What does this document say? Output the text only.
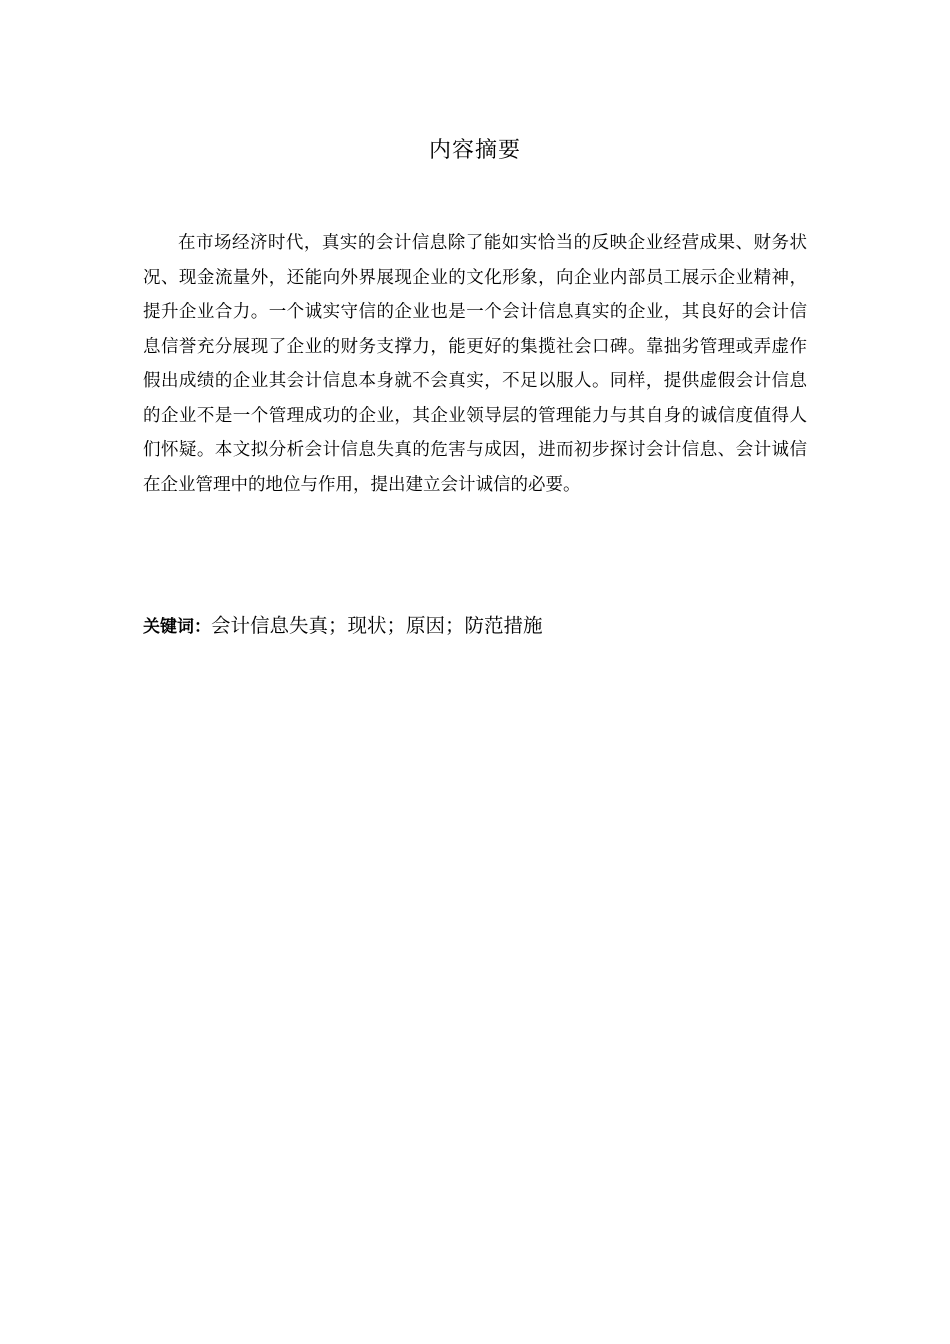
内容摘要

在市场经济时代，真实的会计信息除了能如实恰当的反映企业经营成果、财务状况、现金流量外，还能向外界展现企业的文化形象，向企业内部员工展示企业精神，提升企业合力。一个诚实守信的企业也是一个会计信息真实的企业，其良好的会计信息信誉充分展现了企业的财务支撑力，能更好的集揽社会口碑。靠拙劣管理或弄虚作假出成绩的企业其会计信息本身就不会真实，不足以服人。同样，提供虚假会计信息的企业不是一个管理成功的企业，其企业领导层的管理能力与其自身的诚信度值得人们怀疑。本文拟分析会计信息失真的危害与成因，进而初步探讨会计信息、会计诚信在企业管理中的地位与作用，提出建立会计诚信的必要。

关键词：会计信息失真；现状；原因；防范措施
